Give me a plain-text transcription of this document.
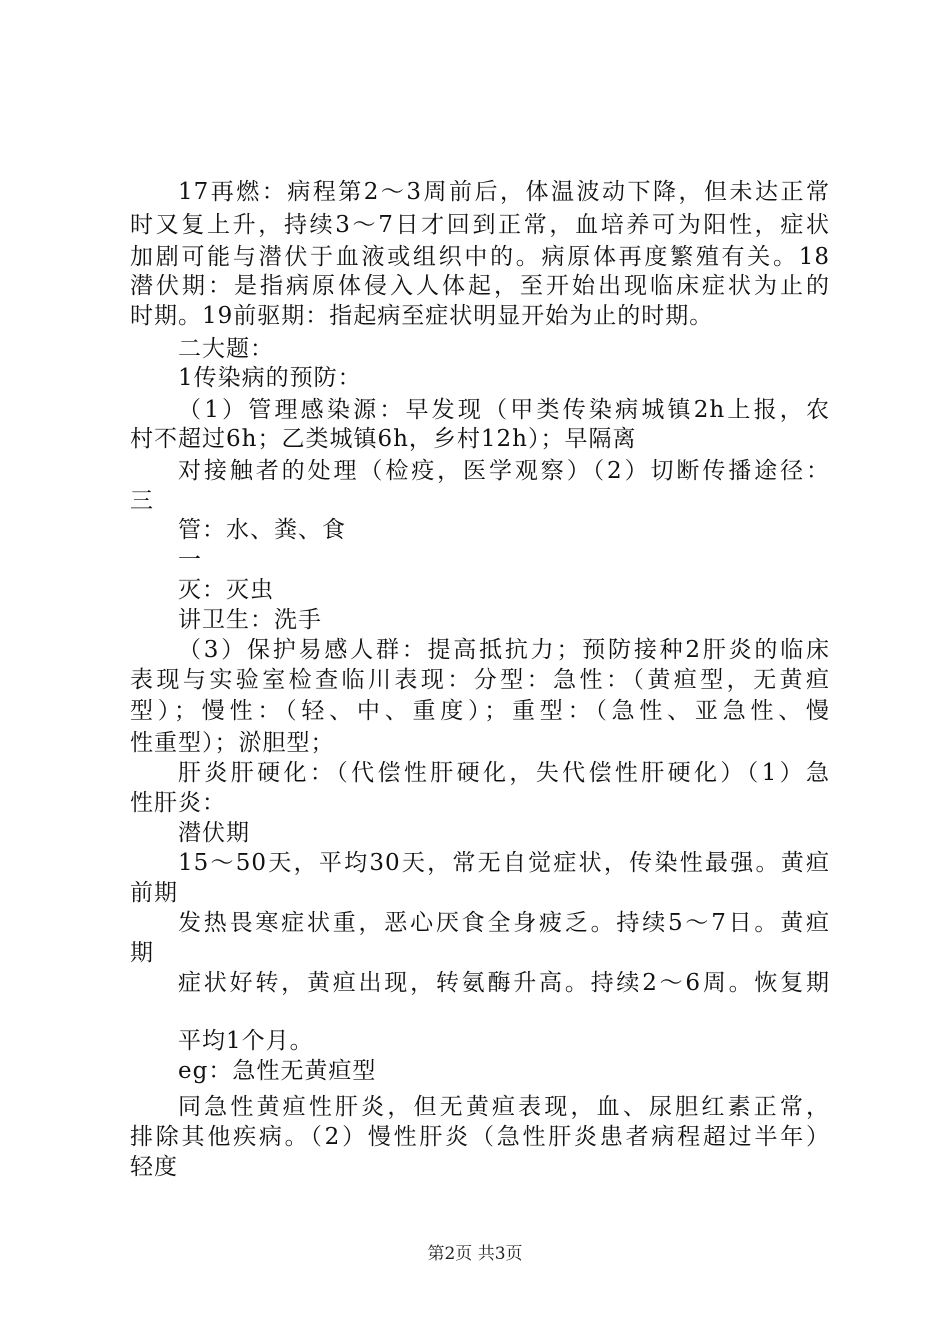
17再燃：病程第2～3周前后，体温波动下降，但未达正常
时又复上升，持续3～7日才回到正常，血培养可为阳性，症状
加剧可能与潜伏于血液或组织中的。病原体再度繁殖有关。18
潜伏期：是指病原体侵入人体起，至开始出现临床症状为止的
时期。19前驱期：指起病至症状明显开始为止的时期。
二大题：
1传染病的预防：
（1）管理感染源：早发现（甲类传染病城镇2h上报，农
村不超过6h；乙类城镇6h，乡村12h）；早隔离
对接触者的处理（检疫，医学观察）（2）切断传播途径：
三
管：水、粪、食
一
灭：灭虫
讲卫生：洗手
（3）保护易感人群：提高抵抗力；预防接种2肝炎的临床
表现与实验室检查临川表现：分型：急性：（黄疸型，无黄疸
型）；慢性：（轻、中、重度）；重型：（急性、亚急性、慢
性重型）；淤胆型；
肝炎肝硬化：（代偿性肝硬化，失代偿性肝硬化）（1）急
性肝炎：
潜伏期
15～50天，平均30天，常无自觉症状，传染性最强。黄疸
前期
发热畏寒症状重，恶心厌食全身疲乏。持续5～7日。黄疸
期
症状好转，黄疸出现，转氨酶升高。持续2～6周。恢复期
平均1个月。
eg：急性无黄疸型
同急性黄疸性肝炎，但无黄疸表现，血、尿胆红素正常，
排除其他疾病。（2）慢性肝炎（急性肝炎患者病程超过半年）
轻度
第2页 共3页
